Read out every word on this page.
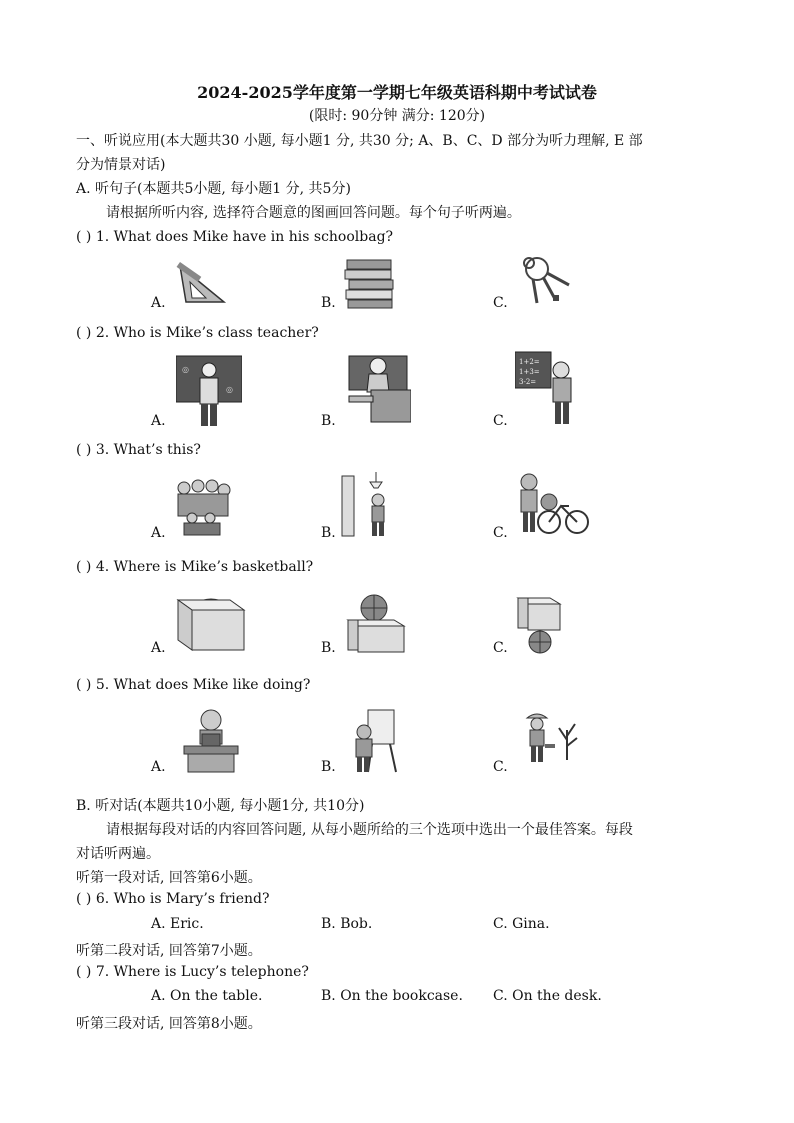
2024-2025学年度第一学期七年级英语科期中考试试卷
(限时: 90分钟 满分: 120分)
一、听说应用(本大题共30 小题, 每小题1 分, 共30 分; A、B、C、D 部分为听力理解, E 部
分为情景对话)
A. 听句子(本题共5小题, 每小题1 分, 共5分)
请根据所听内容, 选择符合题意的图画回答问题。每个句子听两遍。
( ) 1. What does Mike have in his schoolbag?
A.	B.	C.
( ) 2. Who is Mike’s class teacher?
A.	B.	C.
◎
◎
1+2=
1+3=
3-2=
( ) 3. What’s this?
A.	B.	C.
( ) 4. Where is Mike’s basketball?
A.	B.	C.
( ) 5. What does Mike like doing?
A.	B.	C.
B. 听对话(本题共10小题, 每小题1分, 共10分)
请根据每段对话的内容回答问题, 从每小题所给的三个选项中选出一个最佳答案。每段
对话听两遍。
听第一段对话, 回答第6小题。
( ) 6. Who is Mary’s friend?
A. Eric.	B. Bob.	C. Gina.
听第二段对话, 回答第7小题。
( ) 7. Where is Lucy’s telephone?
A. On the table.	B. On the bookcase. C. On the desk.
听第三段对话, 回答第8小题。
